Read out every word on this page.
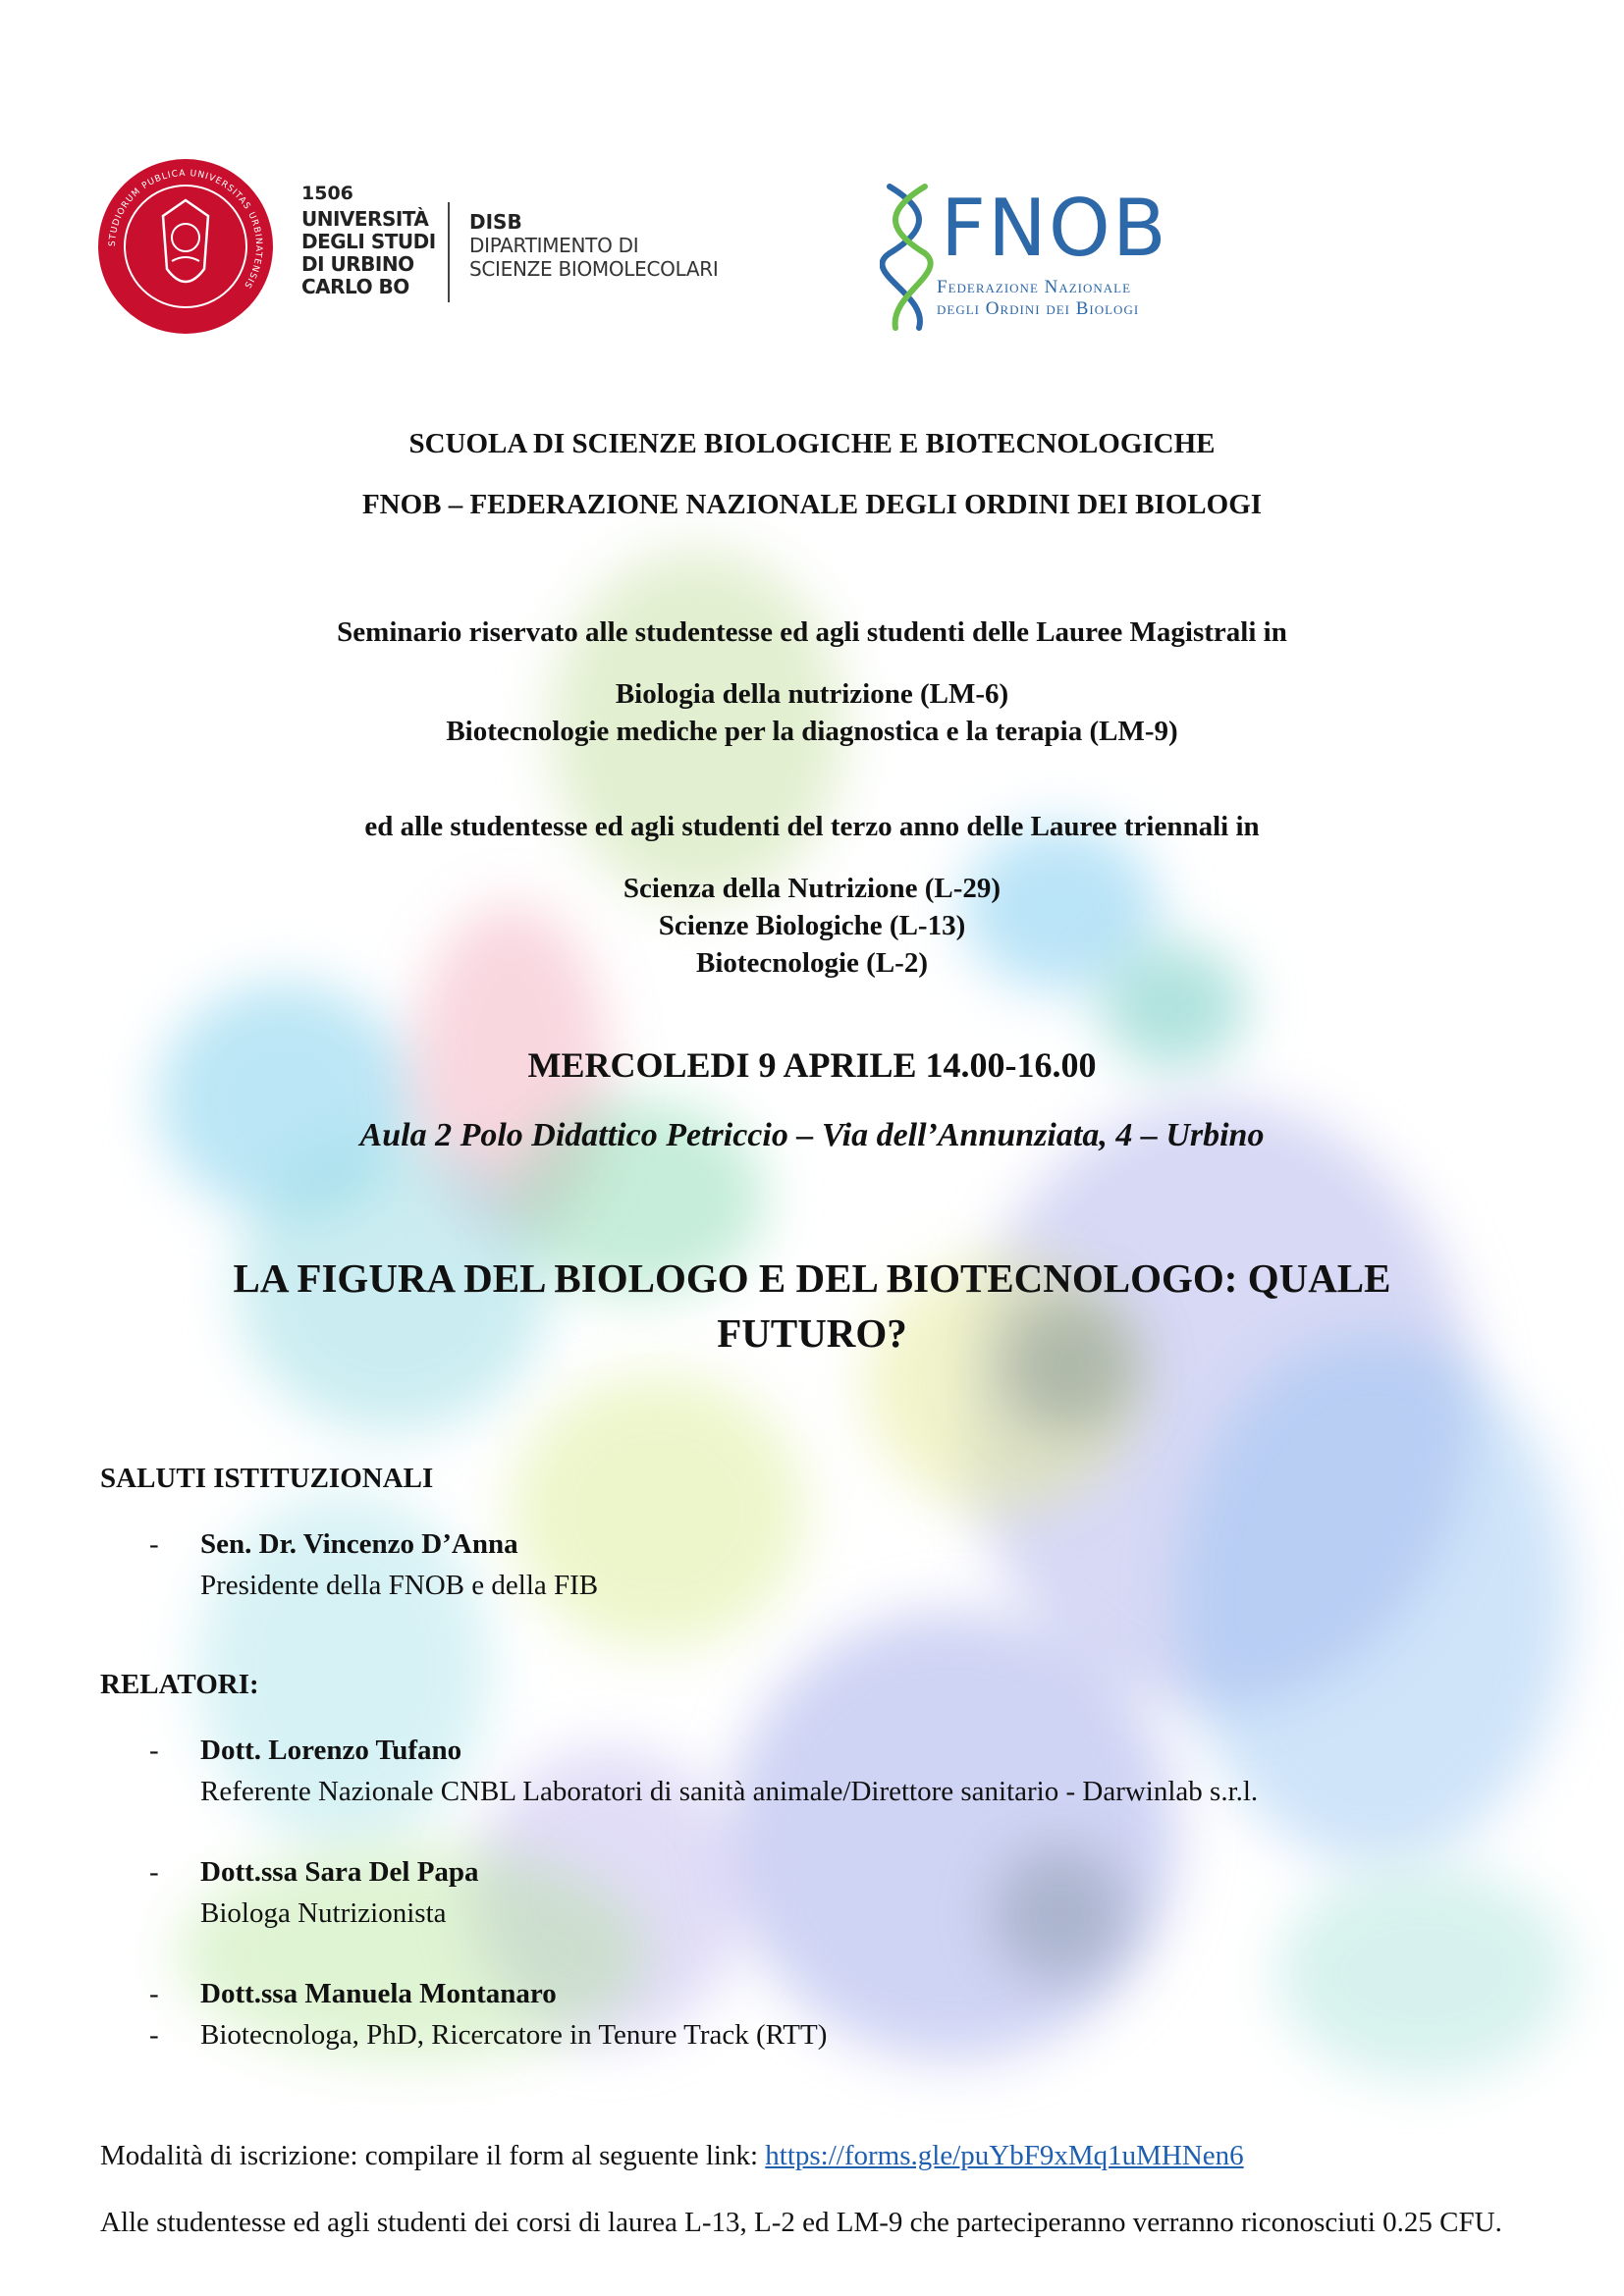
STUDIORUM PUBLICA UNIVERSITAS URBINATENSIS
1506
UNIVERSITÀ
DEGLI STUDI
DI URBINO
CARLO BO
DISB
DIPARTIMENTO DI
SCIENZE BIOMOLECOLARI	FNOB
Federazione Nazionale
degli Ordini dei Biologi
SCUOLA DI SCIENZE BIOLOGICHE E BIOTECNOLOGICHE
FNOB – FEDERAZIONE NAZIONALE DEGLI ORDINI DEI BIOLOGI
Seminario riservato alle studentesse ed agli studenti delle Lauree Magistrali in
Biologia della nutrizione (LM-6)
Biotecnologie mediche per la diagnostica e la terapia (LM-9)
ed alle studentesse ed agli studenti del terzo anno delle Lauree triennali in
Scienza della Nutrizione (L-29)
Scienze Biologiche (L-13)
Biotecnologie (L-2)
MERCOLEDI 9 APRILE 14.00-16.00
Aula 2 Polo Didattico Petriccio – Via dell’Annunziata, 4 – Urbino
LA FIGURA DEL BIOLOGO E DEL BIOTECNOLOGO: QUALE
FUTURO?
SALUTI ISTITUZIONALI
- Sen. Dr. Vincenzo D’Anna
Presidente della FNOB e della FIB
RELATORI:
- Dott. Lorenzo Tufano
Referente Nazionale CNBL Laboratori di sanità animale/Direttore sanitario - Darwinlab s.r.l.
- Dott.ssa Sara Del Papa
Biologa Nutrizionista
- Dott.ssa Manuela Montanaro
- Biotecnologa, PhD, Ricercatore in Tenure Track (RTT)
Modalità di iscrizione: compilare il form al seguente link: https://forms.gle/puYbF9xMq1uMHNen6
Alle studentesse ed agli studenti dei corsi di laurea L-13, L-2 ed LM-9 che parteciperanno verranno riconosciuti 0.25 CFU.
